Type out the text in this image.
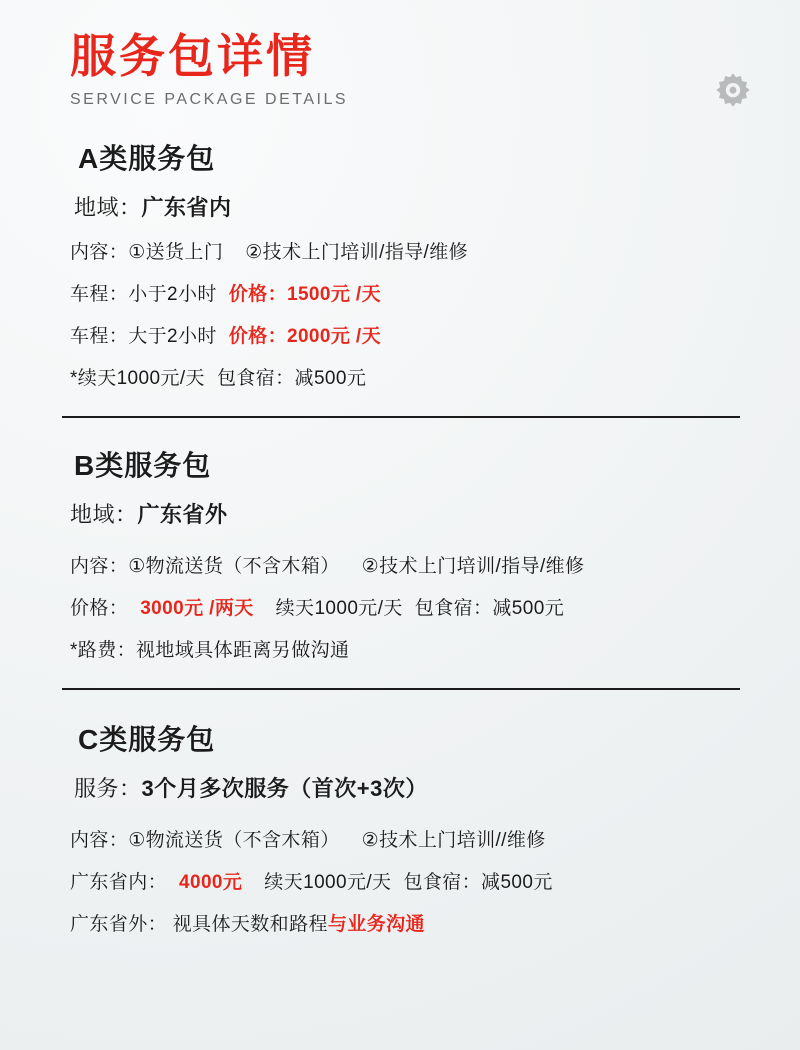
服务包详情
SERVICE PACKAGE DETAILS
A类服务包
地域：广东省内
内容：①送货上门 ②技术上门培训/指导/维修
车程：小于2小时 价格：1500元 /天
车程：大于2小时 价格：2000元 /天
*续天1000元/天 包食宿：减500元
B类服务包
地域：广东省外
内容：①物流送货（不含木箱） ②技术上门培训/指导/维修
价格： 3000元 /两天 续天1000元/天 包食宿：减500元
*路费：视地域具体距离另做沟通
C类服务包
服务：3个月多次服务（首次+3次）
内容：①物流送货（不含木箱） ②技术上门培训//维修
广东省内： 4000元 续天1000元/天 包食宿：减500元
广东省外： 视具体天数和路程与业务沟通
